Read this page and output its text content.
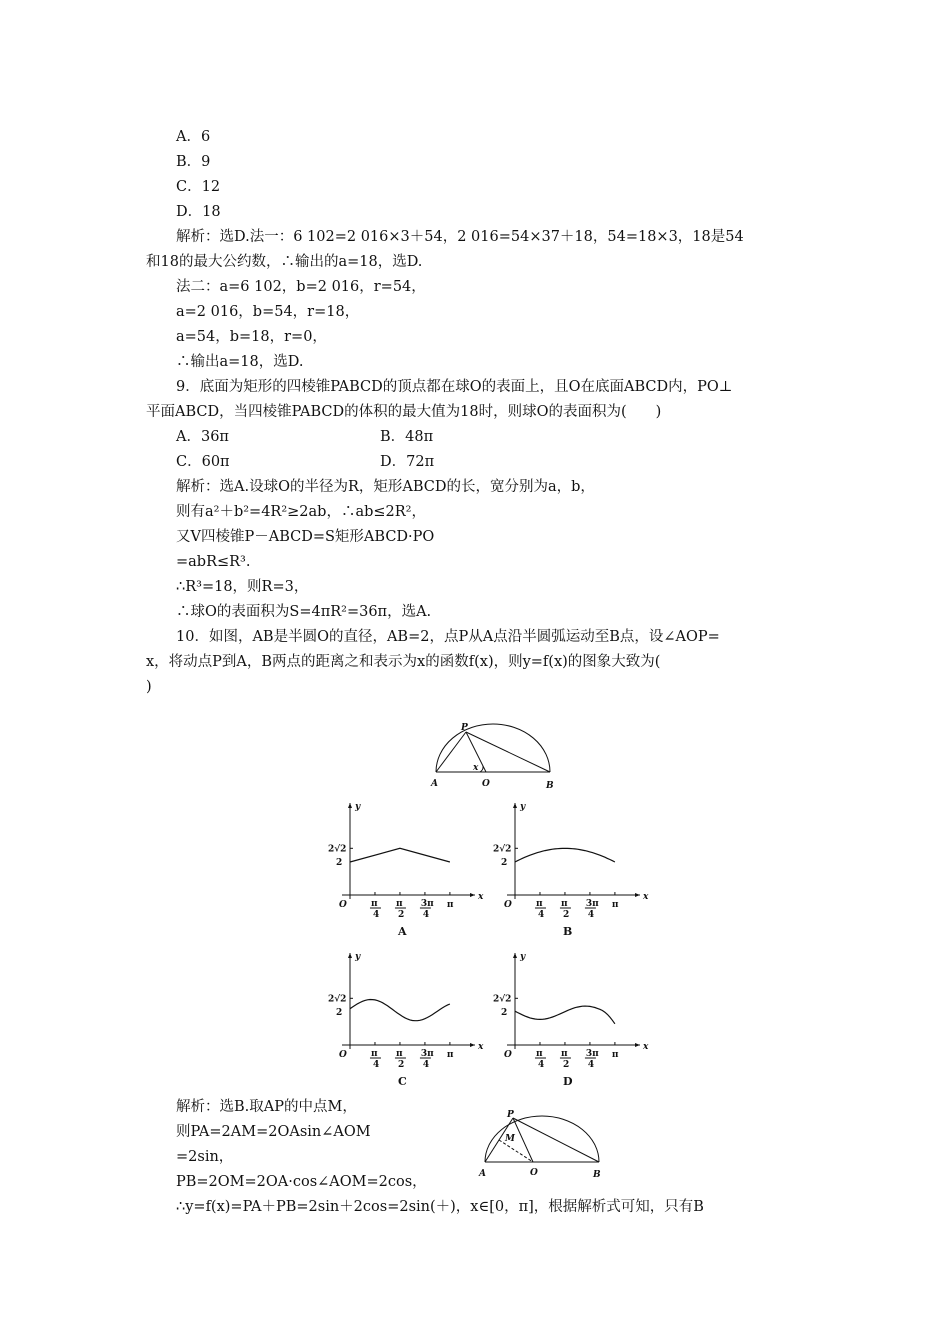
A．6
B．9
C．12
D．18
解析：选D.法一：6 102=2 016×3＋54，2 016=54×37＋18，54=18×3，18是54
和18的最大公约数，∴输出的a=18，选D.
法二：a=6 102，b=2 016，r=54，
a=2 016，b=54，r=18，
a=54，b=18，r=0，
∴输出a=18，选D.
9．底面为矩形的四棱锥PABCD的顶点都在球O的表面上，且O在底面ABCD内，PO⊥
平面ABCD，当四棱锥PABCD的体积的最大值为18时，则球O的表面积为(　　)
A．36π	B．48π
C．60π	D．72π
解析：选A.设球O的半径为R，矩形ABCD的长，宽分别为a，b，
则有a²＋b²=4R²≥2ab，∴ab≤2R²，
又V四棱锥P－ABCD=S矩形ABCD·PO
=abR≤R³.
∴R³=18，则R=3，
∴球O的表面积为S=4πR²=36π，选A.
10．如图，AB是半圆O的直径，AB=2，点P从A点沿半圆弧运动至B点，设∠AOP=
x，将动点P到A，B两点的距离之和表示为x的函数f(x)，则y=f(x)的图象大致为(
)
P
A	O	B
x
y
x
O
2
2√2
π
4
π
2
3π
4
π
A
y
x
O
2
2√2
π
4
π
2
3π
4
π
B
y
x
O
2
2√2
π
4
π
2
3π
4
π
C
y
x
O
2
2√2
π
4
π
2
3π
4
π
D
解析：选B.取AP的中点M，
则PA=2AM=2OAsin∠AOM
=2sin，
PB=2OM=2OA·cos∠AOM=2cos，
∴y=f(x)=PA＋PB=2sin＋2cos=2sin(＋)，x∈[0，π]，根据解析式可知，只有B
P
M
A	O	B
